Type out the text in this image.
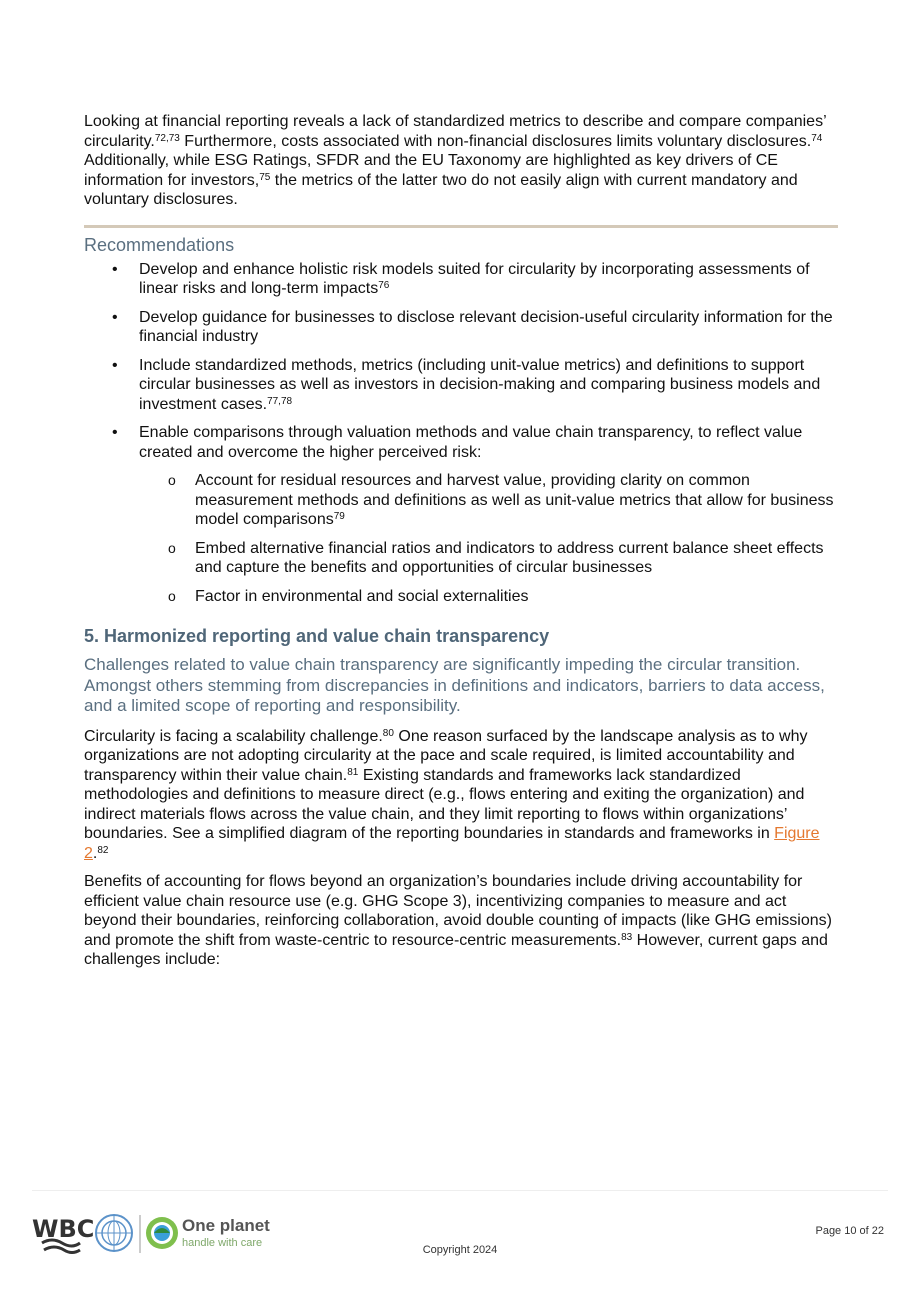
Looking at financial reporting reveals a lack of standardized metrics to describe and compare companies’ circularity.$^{72,73}$ Furthermore, costs associated with non-financial disclosures limits voluntary disclosures.$^{74}$ Additionally, while ESG Ratings, SFDR and the EU Taxonomy are highlighted as key drivers of CE information for investors,$^{75}$ the metrics of the latter two do not easily align with current mandatory and voluntary disclosures.

Recommendations
• Develop and enhance holistic risk models suited for circularity by incorporating assessments of linear risks and long-term impacts$^{76}$
• Develop guidance for businesses to disclose relevant decision-useful circularity information for the financial industry
• Include standardized methods, metrics (including unit-value metrics) and definitions to support circular businesses as well as investors in decision-making and comparing business models and investment cases.$^{77,78}$
• Enable comparisons through valuation methods and value chain transparency, to reflect value created and overcome the higher perceived risk:
o Account for residual resources and harvest value, providing clarity on common measurement methods and definitions as well as unit-value metrics that allow for business model comparisons$^{79}$
o Embed alternative financial ratios and indicators to address current balance sheet effects and capture the benefits and opportunities of circular businesses
o Factor in environmental and social externalities
5. Harmonized reporting and value chain transparency
Challenges related to value chain transparency are significantly impeding the circular transition. Amongst others stemming from discrepancies in definitions and indicators, barriers to data access, and a limited scope of reporting and responsibility.

Circularity is facing a scalability challenge.$^{80}$ One reason surfaced by the landscape analysis as to why organizations are not adopting circularity at the pace and scale required, is limited accountability and transparency within their value chain.$^{81}$ Existing standards and frameworks lack standardized methodologies and definitions to measure direct (e.g., flows entering and exiting the organization) and indirect materials flows across the value chain, and they limit reporting to flows within organizations’ boundaries. See a simplified diagram of the reporting boundaries in standards and frameworks in Figure 2.82

Benefits of accounting for flows beyond an organization’s boundaries include driving accountability for efficient value chain resource use (e.g. GHG Scope 3), incentivizing companies to measure and act beyond their boundaries, reinforcing collaboration, avoid double counting of impacts (like GHG emissions) and promote the shift from waste-centric to resource-centric measurements.$^{83}$ However, current gaps and challenges include:

WBC	One planet
handle with care
Copyright 2024
Page 10 of 22
